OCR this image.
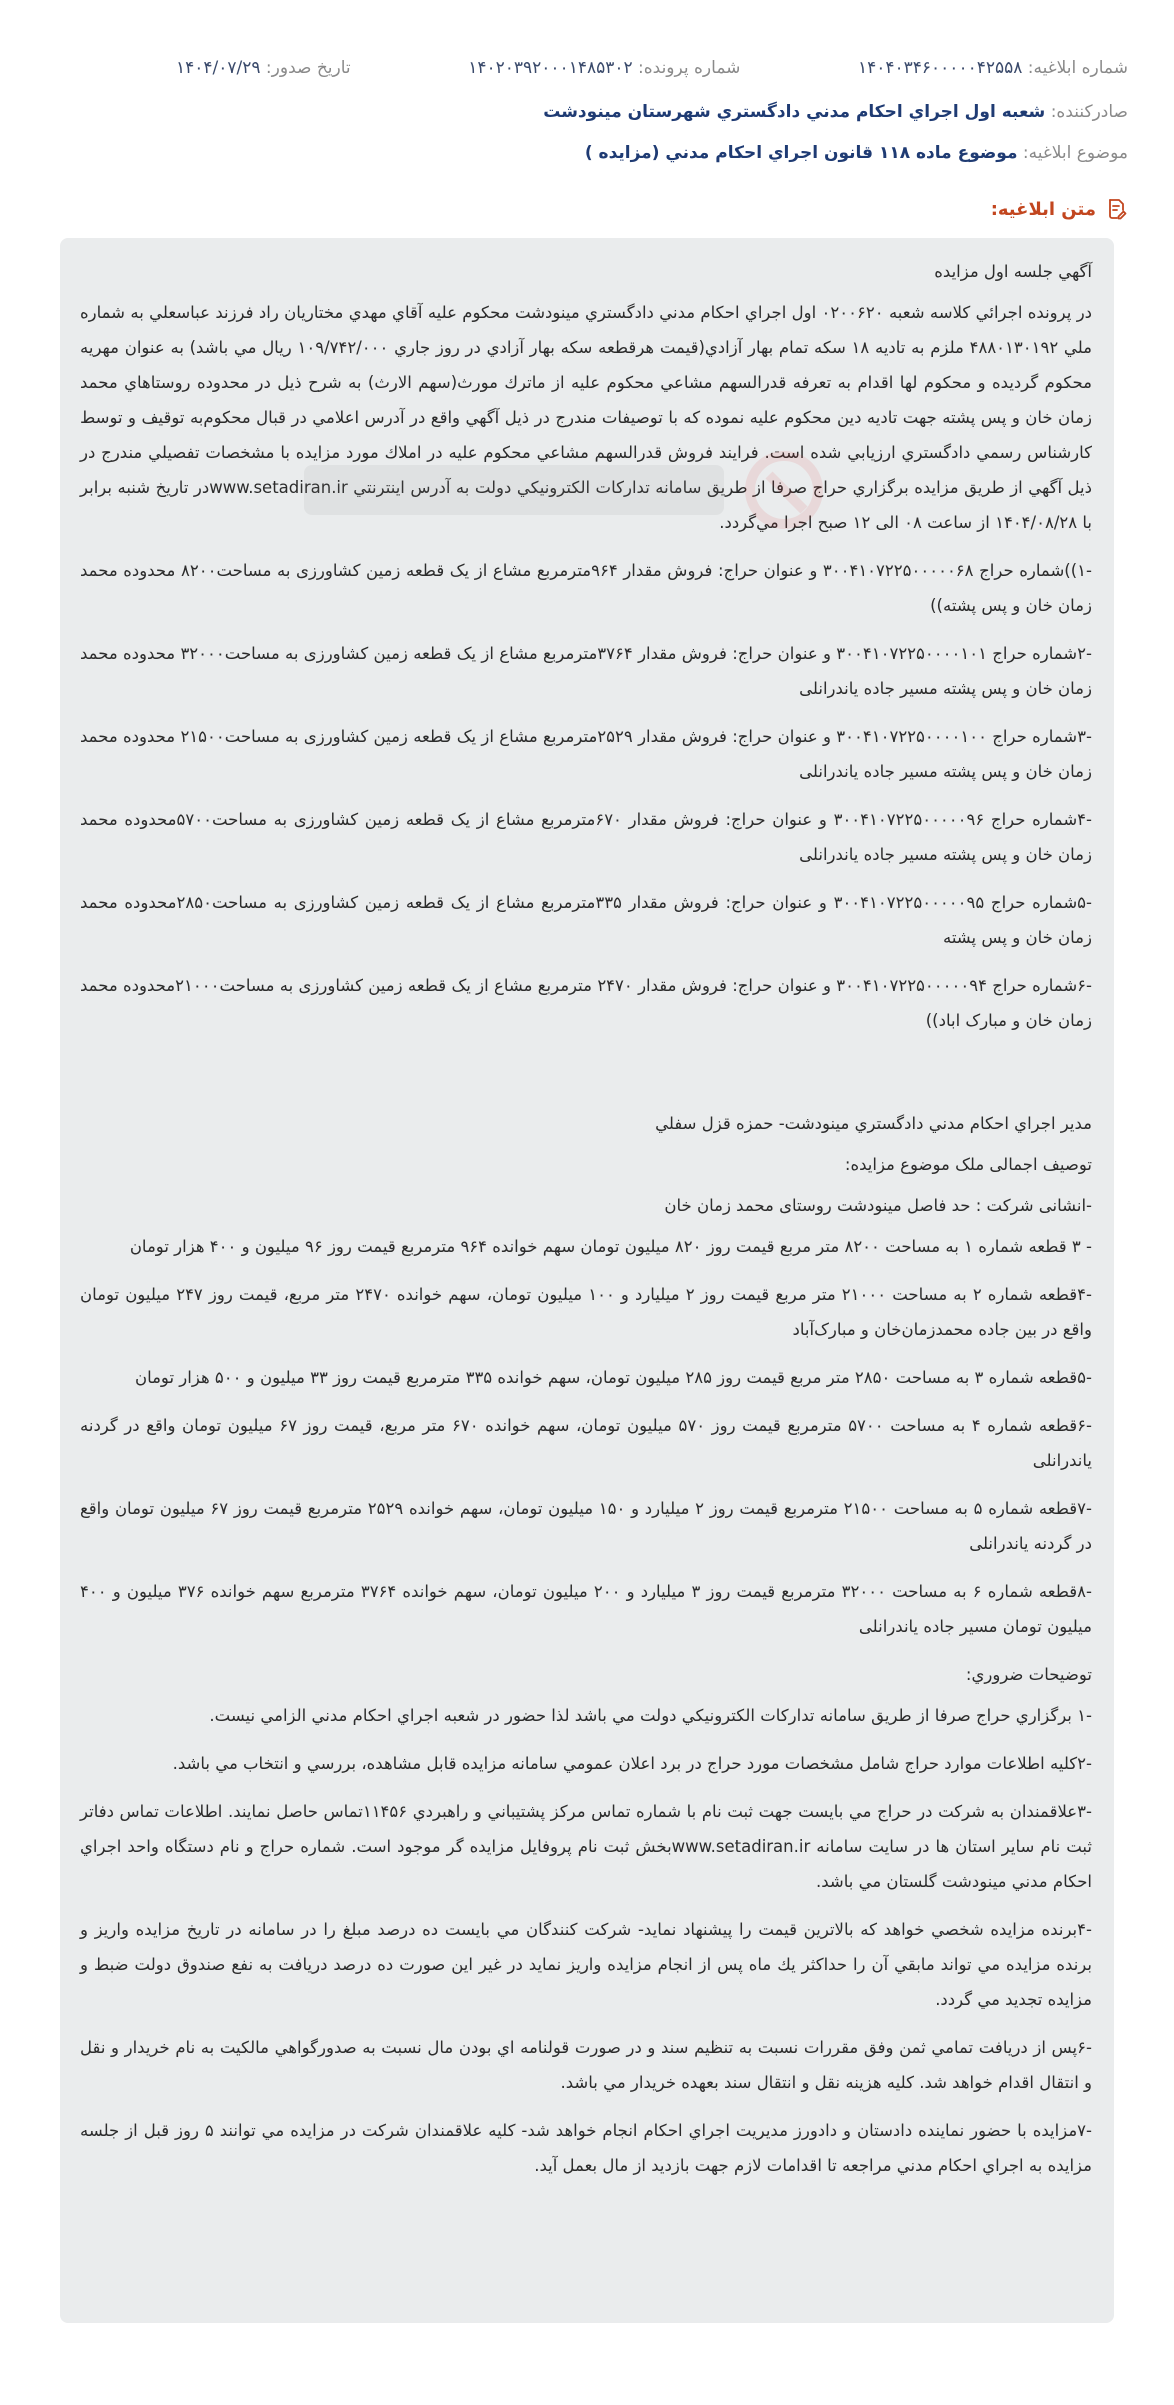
شماره ابلاغیه: ۱۴۰۴۰۳۴۶۰۰۰۰۰۴۲۵۵۸
شماره پرونده: ۱۴۰۲۰۳۹۲۰۰۰۱۴۸۵۳۰۲
تاریخ صدور: ۱۴۰۴/۰۷/۲۹
صادرکننده: شعبه اول اجراي احكام مدني دادگستري شهرستان مينودشت
موضوع ابلاغیه: موضوع ماده ۱۱۸ قانون اجراي احكام مدني (مزايده )
متن ابلاغیه:

آگهي جلسه اول مزايده

در پرونده اجرائي كلاسه شعبه ۰۲۰۰۶۲۰ اول اجراي احكام مدني دادگستري مينودشت محكوم عليه آقاي مهدي مختاريان راد فرزند عباسعلي به شماره ملي ۴۸۸۰۱۳۰۱۹۲ ملزم به تاديه ۱۸ سكه تمام بهار آزادي(قيمت هرقطعه سكه بهار آزادي در روز جاري ۱۰۹/۷۴۲/۰۰۰ ريال مي باشد) به عنوان مهريه محكوم گرديده و محكوم لها اقدام به تعرفه قدرالسهم مشاعي محكوم عليه از ماترك مورث(سهم الارث) به شرح ذيل در محدوده روستاهاي محمد زمان خان و پس پشته جهت تاديه دين محكوم عليه نموده كه با توصيفات مندرج در ذيل آگهي واقع در آدرس اعلامي در قبال محكوم‌به توقيف و توسط كارشناس رسمي دادگستري ارزيابي شده است. فرايند فروش قدرالسهم مشاعي محكوم عليه در املاك مورد مزايده با مشخصات تفصيلي مندرج در ذيل آگهي از طريق مزايده برگزاري حراج صرفا از طريق سامانه تداركات الكترونيكي دولت به آدرس اينترنتي www.setadiran.irدر تاريخ شنبه برابر با ۱۴۰۴/۰۸/۲۸ از ساعت ۰۸ الی ۱۲ صبح اجرا مي‌گردد.

-۱))شماره حراج ۳۰۰۴۱۰۷۲۲۵۰۰۰۰۰۶۸ و عنوان حراج: فروش مقدار ۹۶۴مترمربع مشاع از یک قطعه زمین کشاورزی به مساحت۸۲۰۰ محدوده محمد زمان خان و پس پشته))

-۲شماره حراج ۳۰۰۴۱۰۷۲۲۵۰۰۰۰۱۰۱ و عنوان حراج: فروش مقدار ۳۷۶۴مترمربع مشاع از یک قطعه زمین کشاورزی به مساحت۳۲۰۰۰ محدوده محمد زمان خان و پس پشته مسیر جاده یاندرانلی

-۳شماره حراج ۳۰۰۴۱۰۷۲۲۵۰۰۰۰۱۰۰ و عنوان حراج: فروش مقدار ۲۵۲۹مترمربع مشاع از یک قطعه زمین کشاورزی به مساحت۲۱۵۰۰ محدوده محمد زمان خان و پس پشته مسیر جاده یاندرانلی

-۴شماره حراج ۳۰۰۴۱۰۷۲۲۵۰۰۰۰۰۹۶ و عنوان حراج: فروش مقدار ۶۷۰مترمربع مشاع از یک قطعه زمین کشاورزی به مساحت۵۷۰۰محدوده محمد زمان خان و پس پشته مسیر جاده یاندرانلی

-۵شماره حراج ۳۰۰۴۱۰۷۲۲۵۰۰۰۰۰۹۵ و عنوان حراج: فروش مقدار ۳۳۵مترمربع مشاع از یک قطعه زمین کشاورزی به مساحت۲۸۵۰محدوده محمد زمان خان و پس پشته

-۶شماره حراج ۳۰۰۴۱۰۷۲۲۵۰۰۰۰۰۹۴ و عنوان حراج: فروش مقدار ۲۴۷۰ مترمربع مشاع از یک قطعه زمین کشاورزی به مساحت۲۱۰۰۰محدوده محمد زمان خان و مبارک اباد))

مدير اجراي احكام مدني دادگستري مينودشت- حمزه قزل سفلي

توصیف اجمالی ملک موضوع مزایده:

-انشانی شرکت : حد فاصل مینودشت روستای محمد زمان خان

- ۳ قطعه شماره ۱ به مساحت ۸۲۰۰ متر مربع قیمت روز ۸۲۰ میلیون تومان سهم خوانده ۹۶۴ مترمربع قیمت روز ۹۶ میلیون و ۴۰۰ هزار تومان

-۴قطعه شماره ۲ به مساحت ۲۱۰۰۰ متر مربع قیمت روز ۲ میلیارد و ۱۰۰ میلیون تومان، سهم خوانده ۲۴۷۰ متر مربع، قیمت روز ۲۴۷ میلیون تومان واقع در بین جاده محمدزمان‌خان و مبارک‌آباد

-۵قطعه شماره ۳ به مساحت ۲۸۵۰ متر مربع قیمت روز ۲۸۵ میلیون تومان، سهم خوانده ۳۳۵ مترمربع قیمت روز ۳۳ میلیون و ۵۰۰ هزار تومان

-۶قطعه شماره ۴ به مساحت ۵۷۰۰ مترمربع قیمت روز ۵۷۰ میلیون تومان، سهم خوانده ۶۷۰ متر مربع، قیمت روز ۶۷ میلیون تومان واقع در گردنه یاندرانلی

-۷قطعه شماره ۵ به مساحت ۲۱۵۰۰ مترمربع قیمت روز ۲ میلیارد و ۱۵۰ میلیون تومان، سهم خوانده ۲۵۲۹ مترمربع قیمت روز ۶۷ میلیون تومان واقع در گردنه یاندرانلی

-۸قطعه شماره ۶ به مساحت ۳۲۰۰۰ مترمربع قیمت روز ۳ میلیارد و ۲۰۰ میلیون تومان، سهم خوانده ۳۷۶۴ مترمربع سهم خوانده ۳۷۶ میلیون و ۴۰۰ میلیون تومان مسیر جاده یاندرانلی

توضيحات ضروري:

-۱ برگزاري حراج صرفا از طريق سامانه تداركات الكترونيكي دولت مي باشد لذا حضور در شعبه اجراي احكام مدني الزامي نيست.

-۲كليه اطلاعات موارد حراج شامل مشخصات مورد حراج در برد اعلان عمومي سامانه مزايده قابل مشاهده، بررسي و انتخاب مي باشد.

-۳علاقمندان به شركت در حراج مي بايست جهت ثبت نام با شماره تماس مركز پشتيباني و راهبردي ۱۱۴۵۶تماس حاصل نمايند. اطلاعات تماس دفاتر ثبت نام ساير استان ها در سايت سامانه www.setadiran.irبخش ثبت نام پروفايل مزايده گر موجود است. شماره حراج و نام دستگاه واحد اجراي احكام مدني مينودشت گلستان مي باشد.

-۴برنده مزايده شخصي خواهد كه بالاترين قيمت را پيشنهاد نمايد- شركت كنندگان مي بايست ده درصد مبلغ را در سامانه در تاريخ مزايده واريز و برنده مزايده مي تواند مابقي آن را حداكثر يك ماه پس از انجام مزايده واريز نمايد در غير اين صورت ده درصد دريافت به نفع صندوق دولت ضبط و مزايده تجديد مي گردد.

-۶پس از دريافت تمامي ثمن وفق مقررات نسبت به تنظيم سند و در صورت قولنامه اي بودن مال نسبت به صدورگواهي مالكيت به نام خريدار و نقل و انتقال اقدام خواهد شد. كليه هزينه نقل و انتقال سند بعهده خريدار مي باشد.

-۷مزايده با حضور نماينده دادستان و دادورز مديريت اجراي احكام انجام خواهد شد- كليه علاقمندان شركت در مزايده مي توانند ۵ روز قبل از جلسه مزايده به اجراي احكام مدني مراجعه تا اقدامات لازم جهت بازديد از مال بعمل آيد.
